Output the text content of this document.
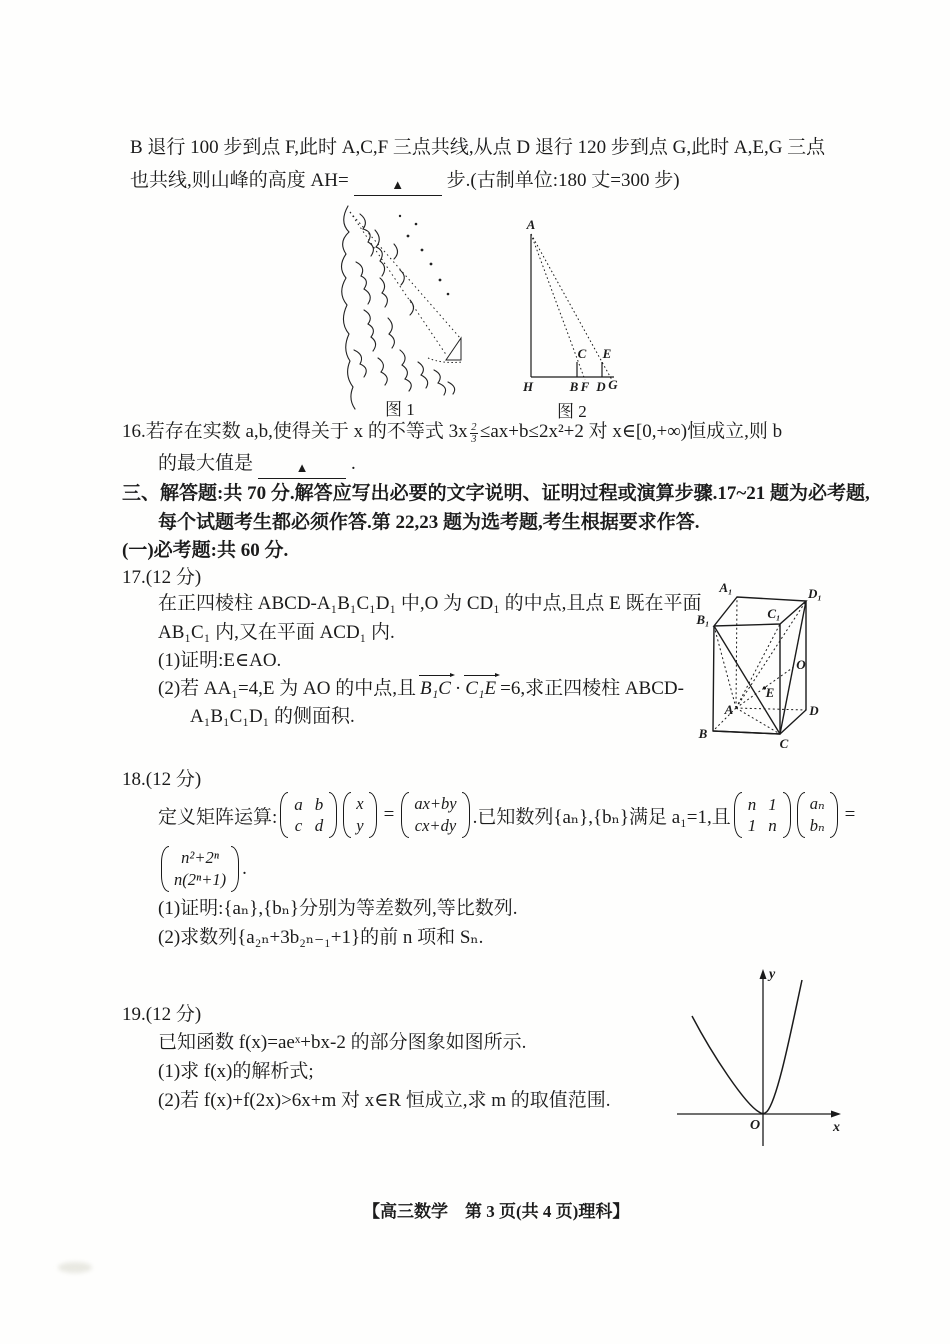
B 退行 100 步到点 F,此时 A,C,F 三点共线,从点 D 退行 120 步到点 G,此时 A,E,G 三点
也共线,则山峰的高度 AH=	▲ 步.(古制单位:180 丈=300 步)
图 1
A
C E
H	B F D G
图 2
16.若存在实数 a,b,使得关于 x 的不等式 $3x \frac{2}{3} \le ax+b\le 2x^2+2$ 对 x∈[0,+∞)恒成立,则 b
的最大值是	▲ .
三、解答题:共 70 分.解答应写出必要的文字说明、证明过程或演算步骤.17~21 题为必考题,
每个试题考生都必须作答.第 22,23 题为选考题,考生根据要求作答.
(一)必考题:共 60 分.
17.(12 分)
在正四棱柱 ABCD-A₁B₁C₁D₁ 中,O 为 CD₁ 的中点,且点 E 既在平面
AB₁C₁ 内,又在平面 ACD₁ 内.
(1)证明:E∈AO.
(2)若 AA₁=4,E 为 AO 的中点,且 B₁C · C₁E =6,求正四棱柱 ABCD-
A₁B₁C₁D₁ 的侧面积.
A₁	D₁
C₁
B₁
O
E
A	D
B
C
18.(12 分)
定义矩阵运算:
a b
c d
x
y =
ax+by
cx+dy .已知数列{aₙ},{bₙ}满足 a₁=1,且
n 1
1 n
aₙ
bₙ =
n²+2ⁿ
n(2ⁿ+1) .
(1)证明:{aₙ},{bₙ}分别为等差数列,等比数列.
(2)求数列{a₂ₙ+3b₂ₙ₋₁+1}的前 n 项和 Sₙ.
19.(12 分)
已知函数 f(x)=aeˣ+bx-2 的部分图象如图所示.
(1)求 f(x)的解析式;
(2)若 f(x)+f(2x)>6x+m 对 x∈R 恒成立,求 m 的取值范围.
y
x
O
【高三数学　第 3 页(共 4 页)理科】
